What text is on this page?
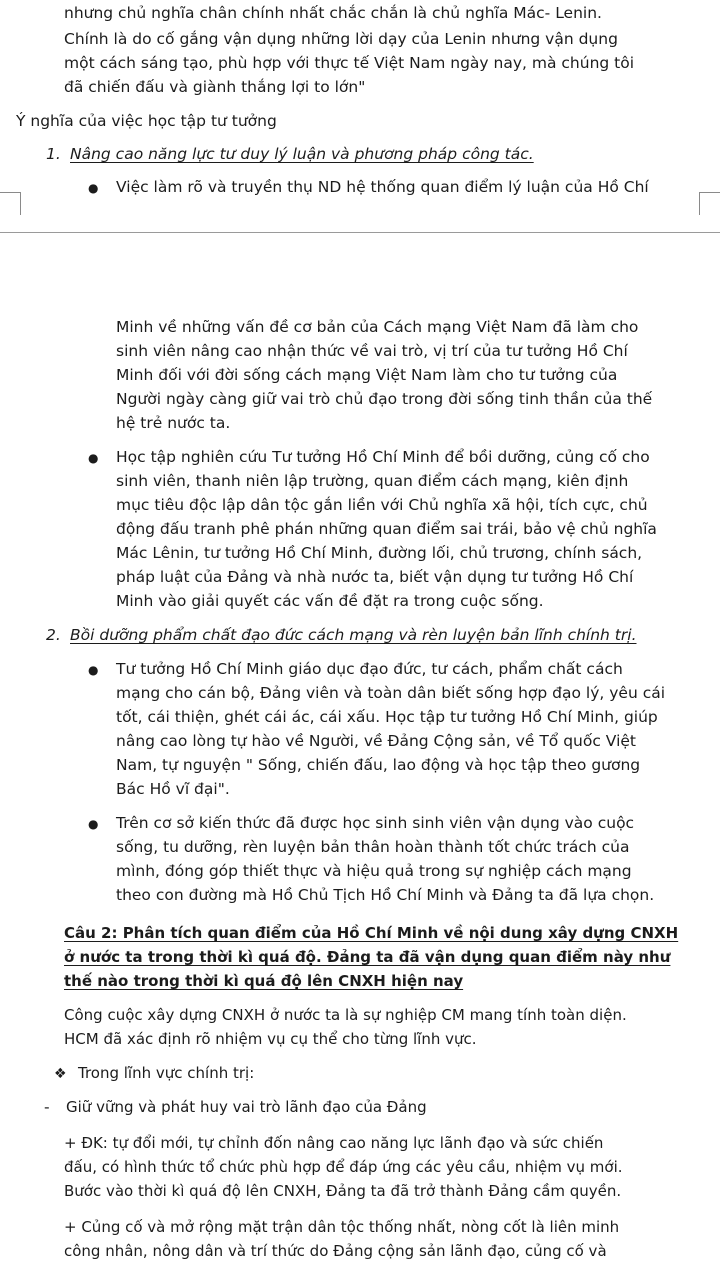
nhưng chủ nghĩa chân chính nhất chắc chắn là chủ nghĩa Mác- Lenin.
Chính là do cố gắng vận dụng những lời dạy của Lenin nhưng vận dụng
một cách sáng tạo, phù hợp với thực tế Việt Nam ngày nay, mà chúng tôi
đã chiến đấu và giành thắng lợi to lớn"
Ý nghĩa của việc học tập tư tưởng
1. Nâng cao năng lực tư duy lý luận và phương pháp công tác.
● Việc làm rõ và truyền thụ ND hệ thống quan điểm lý luận của Hồ Chí
Minh về những vấn đề cơ bản của Cách mạng Việt Nam đã làm cho
sinh viên nâng cao nhận thức về vai trò, vị trí của tư tưởng Hồ Chí
Minh đối với đời sống cách mạng Việt Nam làm cho tư tưởng của
Người ngày càng giữ vai trò chủ đạo trong đời sống tinh thần của thế
hệ trẻ nước ta.
● Học tập nghiên cứu Tư tưởng Hồ Chí Minh để bồi dưỡng, củng cố cho
sinh viên, thanh niên lập trường, quan điểm cách mạng, kiên định
mục tiêu độc lập dân tộc gắn liền với Chủ nghĩa xã hội, tích cực, chủ
động đấu tranh phê phán những quan điểm sai trái, bảo vệ chủ nghĩa
Mác Lênin, tư tưởng Hồ Chí Minh, đường lối, chủ trương, chính sách,
pháp luật của Đảng và nhà nước ta, biết vận dụng tư tưởng Hồ Chí
Minh vào giải quyết các vấn đề đặt ra trong cuộc sống.
2. Bồi dưỡng phẩm chất đạo đức cách mạng và rèn luyện bản lĩnh chính trị.
● Tư tưởng Hồ Chí Minh giáo dục đạo đức, tư cách, phẩm chất cách
mạng cho cán bộ, Đảng viên và toàn dân biết sống hợp đạo lý, yêu cái
tốt, cái thiện, ghét cái ác, cái xấu. Học tập tư tưởng Hồ Chí Minh, giúp
nâng cao lòng tự hào về Người, về Đảng Cộng sản, về Tổ quốc Việt
Nam, tự nguyện " Sống, chiến đấu, lao động và học tập theo gương
Bác Hồ vĩ đại".
● Trên cơ sở kiến thức đã được học sinh sinh viên vận dụng vào cuộc
sống, tu dưỡng, rèn luyện bản thân hoàn thành tốt chức trách của
mình, đóng góp thiết thực và hiệu quả trong sự nghiệp cách mạng
theo con đường mà Hồ Chủ Tịch Hồ Chí Minh và Đảng ta đã lựa chọn.
Câu 2: Phân tích quan điểm của Hồ Chí Minh về nội dung xây dựng CNXH
ở nước ta trong thời kì quá độ. Đảng ta đã vận dụng quan điểm này như
thế nào trong thời kì quá độ lên CNXH hiện nay
Công cuộc xây dựng CNXH ở nước ta là sự nghiệp CM mang tính toàn diện.
HCM đã xác định rõ nhiệm vụ cụ thể cho từng lĩnh vực.
❖ Trong lĩnh vực chính trị:
- Giữ vững và phát huy vai trò lãnh đạo của Đảng
+ ĐK: tự đổi mới, tự chỉnh đốn nâng cao năng lực lãnh đạo và sức chiến
đấu, có hình thức tổ chức phù hợp để đáp ứng các yêu cầu, nhiệm vụ mới.
Bước vào thời kì quá độ lên CNXH, Đảng ta đã trở thành Đảng cầm quyền.
+ Củng cố và mở rộng mặt trận dân tộc thống nhất, nòng cốt là liên minh
công nhân, nông dân và trí thức do Đảng cộng sản lãnh đạo, củng cố và
